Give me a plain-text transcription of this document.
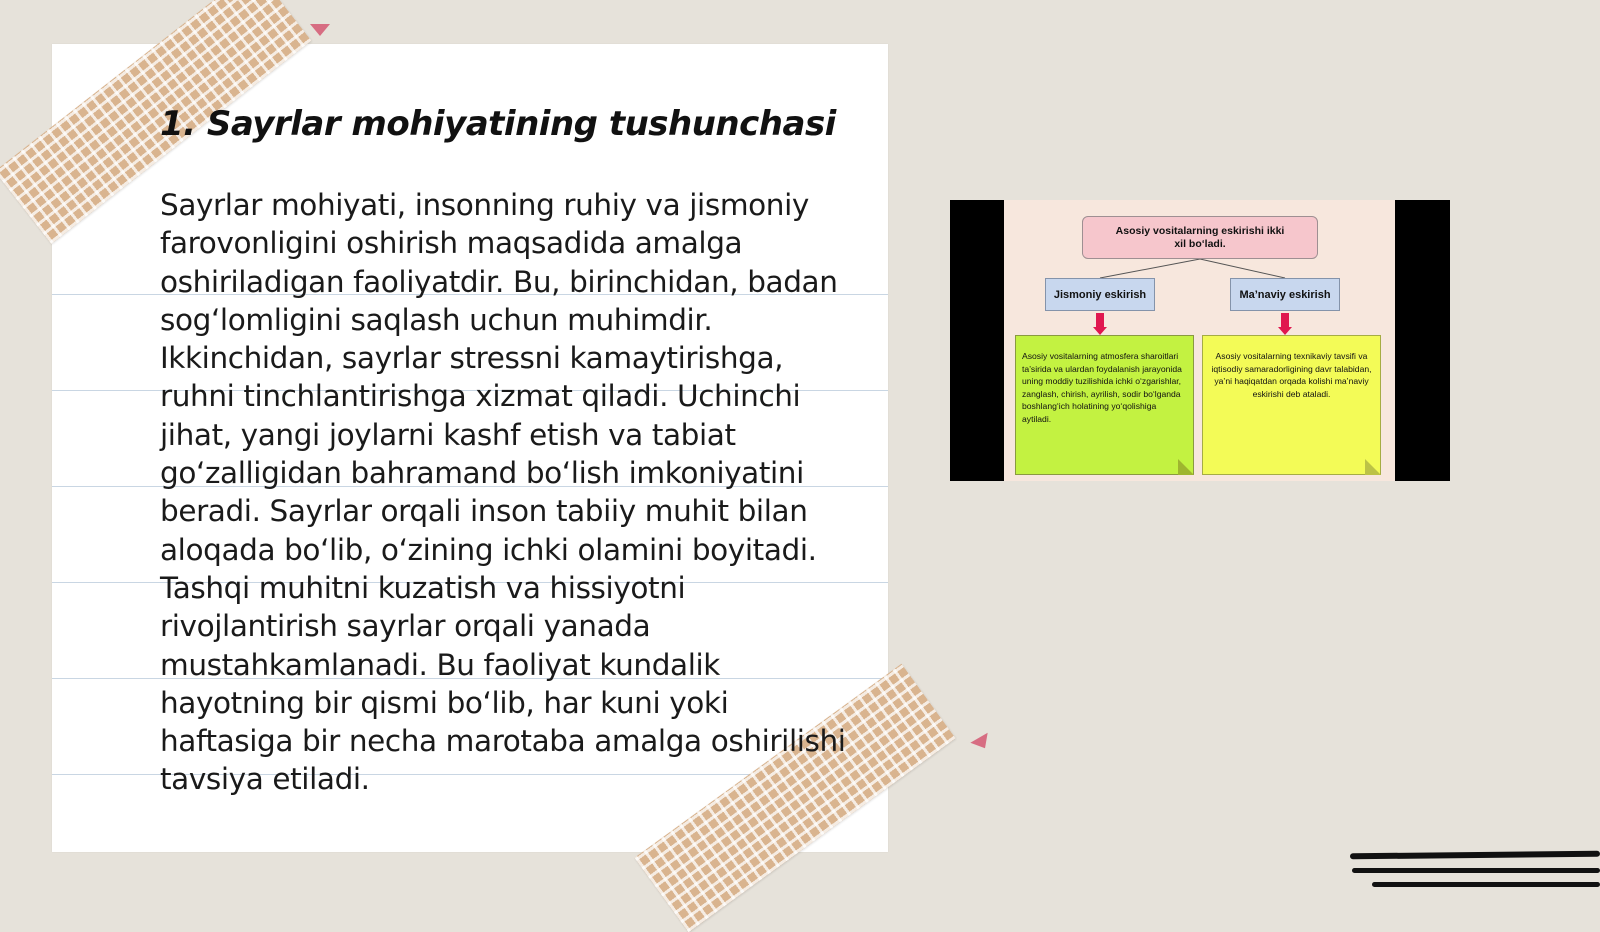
1. Sayrlar mohiyatining tushunchasi

Sayrlar mohiyati, insonning ruhiy va jismoniy farovonligini oshirish maqsadida amalga oshiriladigan faoliyatdir. Bu, birinchidan, badan sog‘lomligini saqlash uchun muhimdir. Ikkinchidan, sayrlar stressni kamaytirishga, ruhni tinchlantirishga xizmat qiladi. Uchinchi jihat, yangi joylarni kashf etish va tabiat go‘zalligidan bahramand bo‘lish imkoniyatini beradi. Sayrlar orqali inson tabiiy muhit bilan aloqada bo‘lib, o‘zining ichki olamini boyitadi. Tashqi muhitni kuzatish va hissiyotni rivojlantirish sayrlar orqali yanada mustahkamlanadi. Bu faoliyat kundalik hayotning bir qismi bo‘lib, har kuni yoki haftasiga bir necha marotaba amalga oshirilishi tavsiya etiladi.

Asosiy vositalarning eskirishi ikki xil bo‘ladi.
Jismoniy eskirish	Ma’naviy eskirish
Asosiy vositalarning atmosfera sharoitlari ta’sirida va ulardan foydalanish jarayonida uning moddiy tuzilishida ichki o‘zgarishlar, zanglash, chirish, ayrilish, sodir bo‘lganda boshlang‘ich holatining yo‘qolishiga aytiladi.
Asosiy vositalarning texnikaviy tavsifi va iqtisodiy samaradorligining davr talabidan, ya’ni haqiqatdan orqada kolishi ma’naviy eskirishi deb ataladi.
